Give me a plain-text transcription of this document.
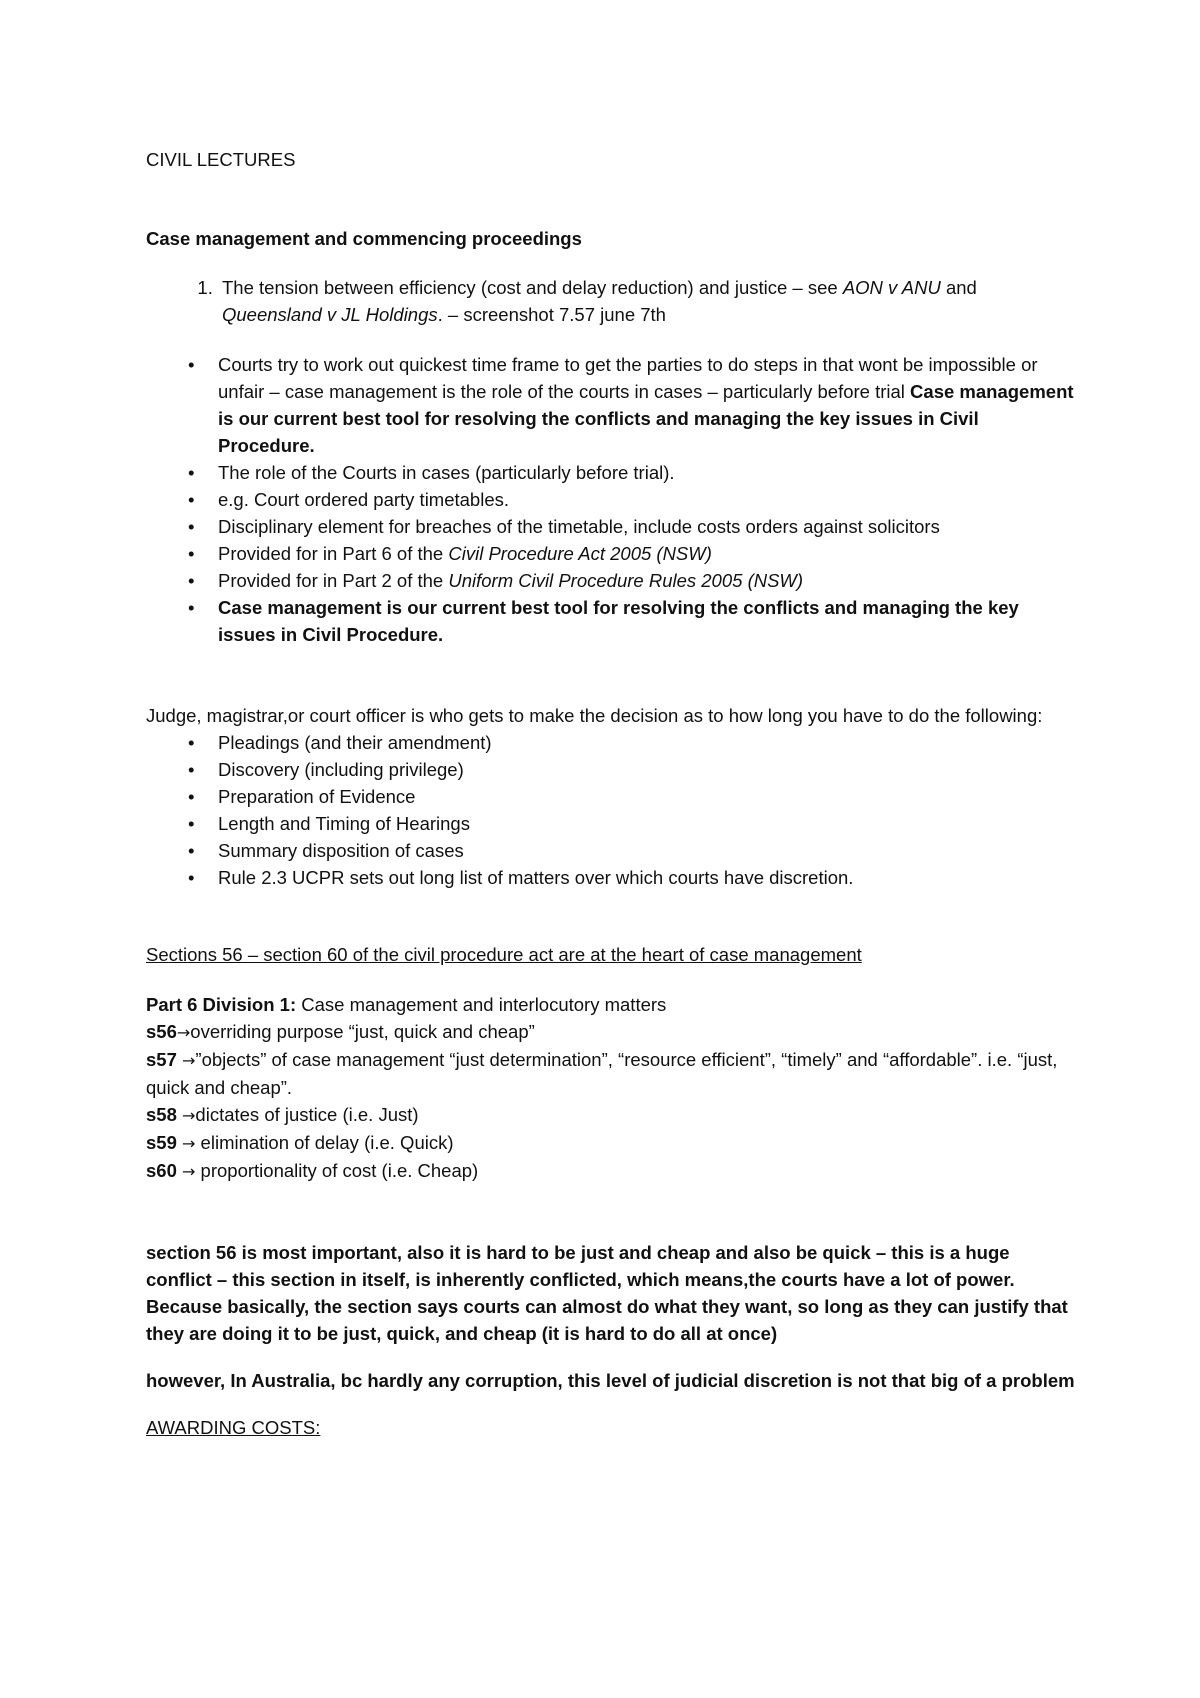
CIVIL LECTURES

Case management and commencing proceedings

1. The tension between efficiency (cost and delay reduction) and justice – see AON v ANU and Queensland v JL Holdings. – screenshot 7.57 june 7th
• Courts try to work out quickest time frame to get the parties to do steps in that wont be impossible or unfair – case management is the role of the courts in cases – particularly before trial Case management is our current best tool for resolving the conflicts and managing the key issues in Civil Procedure.
• The role of the Courts in cases (particularly before trial).
• e.g. Court ordered party timetables.
• Disciplinary element for breaches of the timetable, include costs orders against solicitors
• Provided for in Part 6 of the Civil Procedure Act 2005 (NSW)
• Provided for in Part 2 of the Uniform Civil Procedure Rules 2005 (NSW)
• Case management is our current best tool for resolving the conflicts and managing the key issues in Civil Procedure.

Judge, magistrar,or court officer is who gets to make the decision as to how long you have to do the following:

• Pleadings (and their amendment)
• Discovery (including privilege)
• Preparation of Evidence
• Length and Timing of Hearings
• Summary disposition of cases
• Rule 2.3 UCPR sets out long list of matters over which courts have discretion.

Sections 56 – section 60 of the civil procedure act are at the heart of case management

Part 6 Division 1: Case management and interlocutory matters

s56→overriding purpose “just, quick and cheap”

s57 →”objects” of case management “just determination”, “resource efficient”, “timely” and “affordable”. i.e. “just, quick and cheap”.

s58 →dictates of justice (i.e. Just)

s59 → elimination of delay (i.e. Quick)

s60 → proportionality of cost (i.e. Cheap)

section 56 is most important, also it is hard to be just and cheap and also be quick – this is a huge conflict – this section in itself, is inherently conflicted, which means,the courts have a lot of power. Because basically, the section says courts can almost do what they want, so long as they can justify that they are doing it to be just, quick, and cheap (it is hard to do all at once)

however, In Australia, bc hardly any corruption, this level of judicial discretion is not that big of a problem

AWARDING COSTS:
